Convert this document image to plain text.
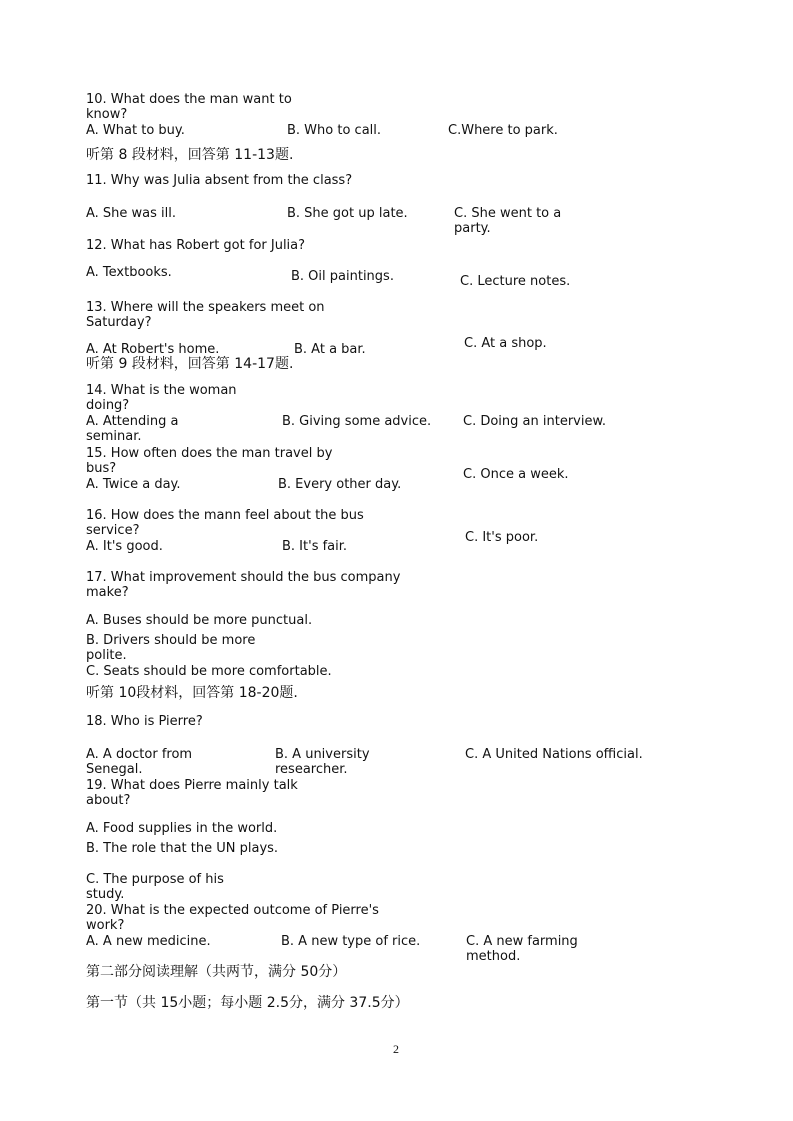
10. What does the man want to know?
A. What to buy.	B. Who to call.	C.Where to park.
听第 8 段材料，回答第 11-13题.
11. Why was Julia absent from the class?
A. She was ill.	B. She got up late.	C. She went to a party.
12. What has Robert got for Julia?
A. Textbooks.	B. Oil paintings.	C. Lecture notes.
13. Where will the speakers meet on Saturday?
A. At Robert's home.	B. At a bar.	C. At a shop.
听第 9 段材料，回答第 14-17题.
14. What is the woman doing?
A. Attending a seminar.
B. Giving some advice. C. Doing an interview.
15. How often does the man travel by bus?
A. Twice a day.	B. Every other day.
C. Once a week.
16. How does the mann feel about the bus service?
A. It's good.	B. It's fair.
C. It's poor.
17. What improvement should the bus company make?
A. Buses should be more punctual.
B. Drivers should be more polite.
C. Seats should be more comfortable.
听第 10段材料，回答第 18-20题.
18. Who is Pierre?
A. A doctor from Senegal.
B. A university researcher.
C. A United Nations official.
19. What does Pierre mainly talk about?
A. Food supplies in the world.
B. The role that the UN plays.
C. The purpose of his study.
20. What is the expected outcome of Pierre's work?
A. A new medicine.	B. A new type of rice.	C. A new farming method.
第二部分阅读理解（共两节，满分 50分）
第一节（共 15小题；每小题 2.5分，满分 37.5分）
2
